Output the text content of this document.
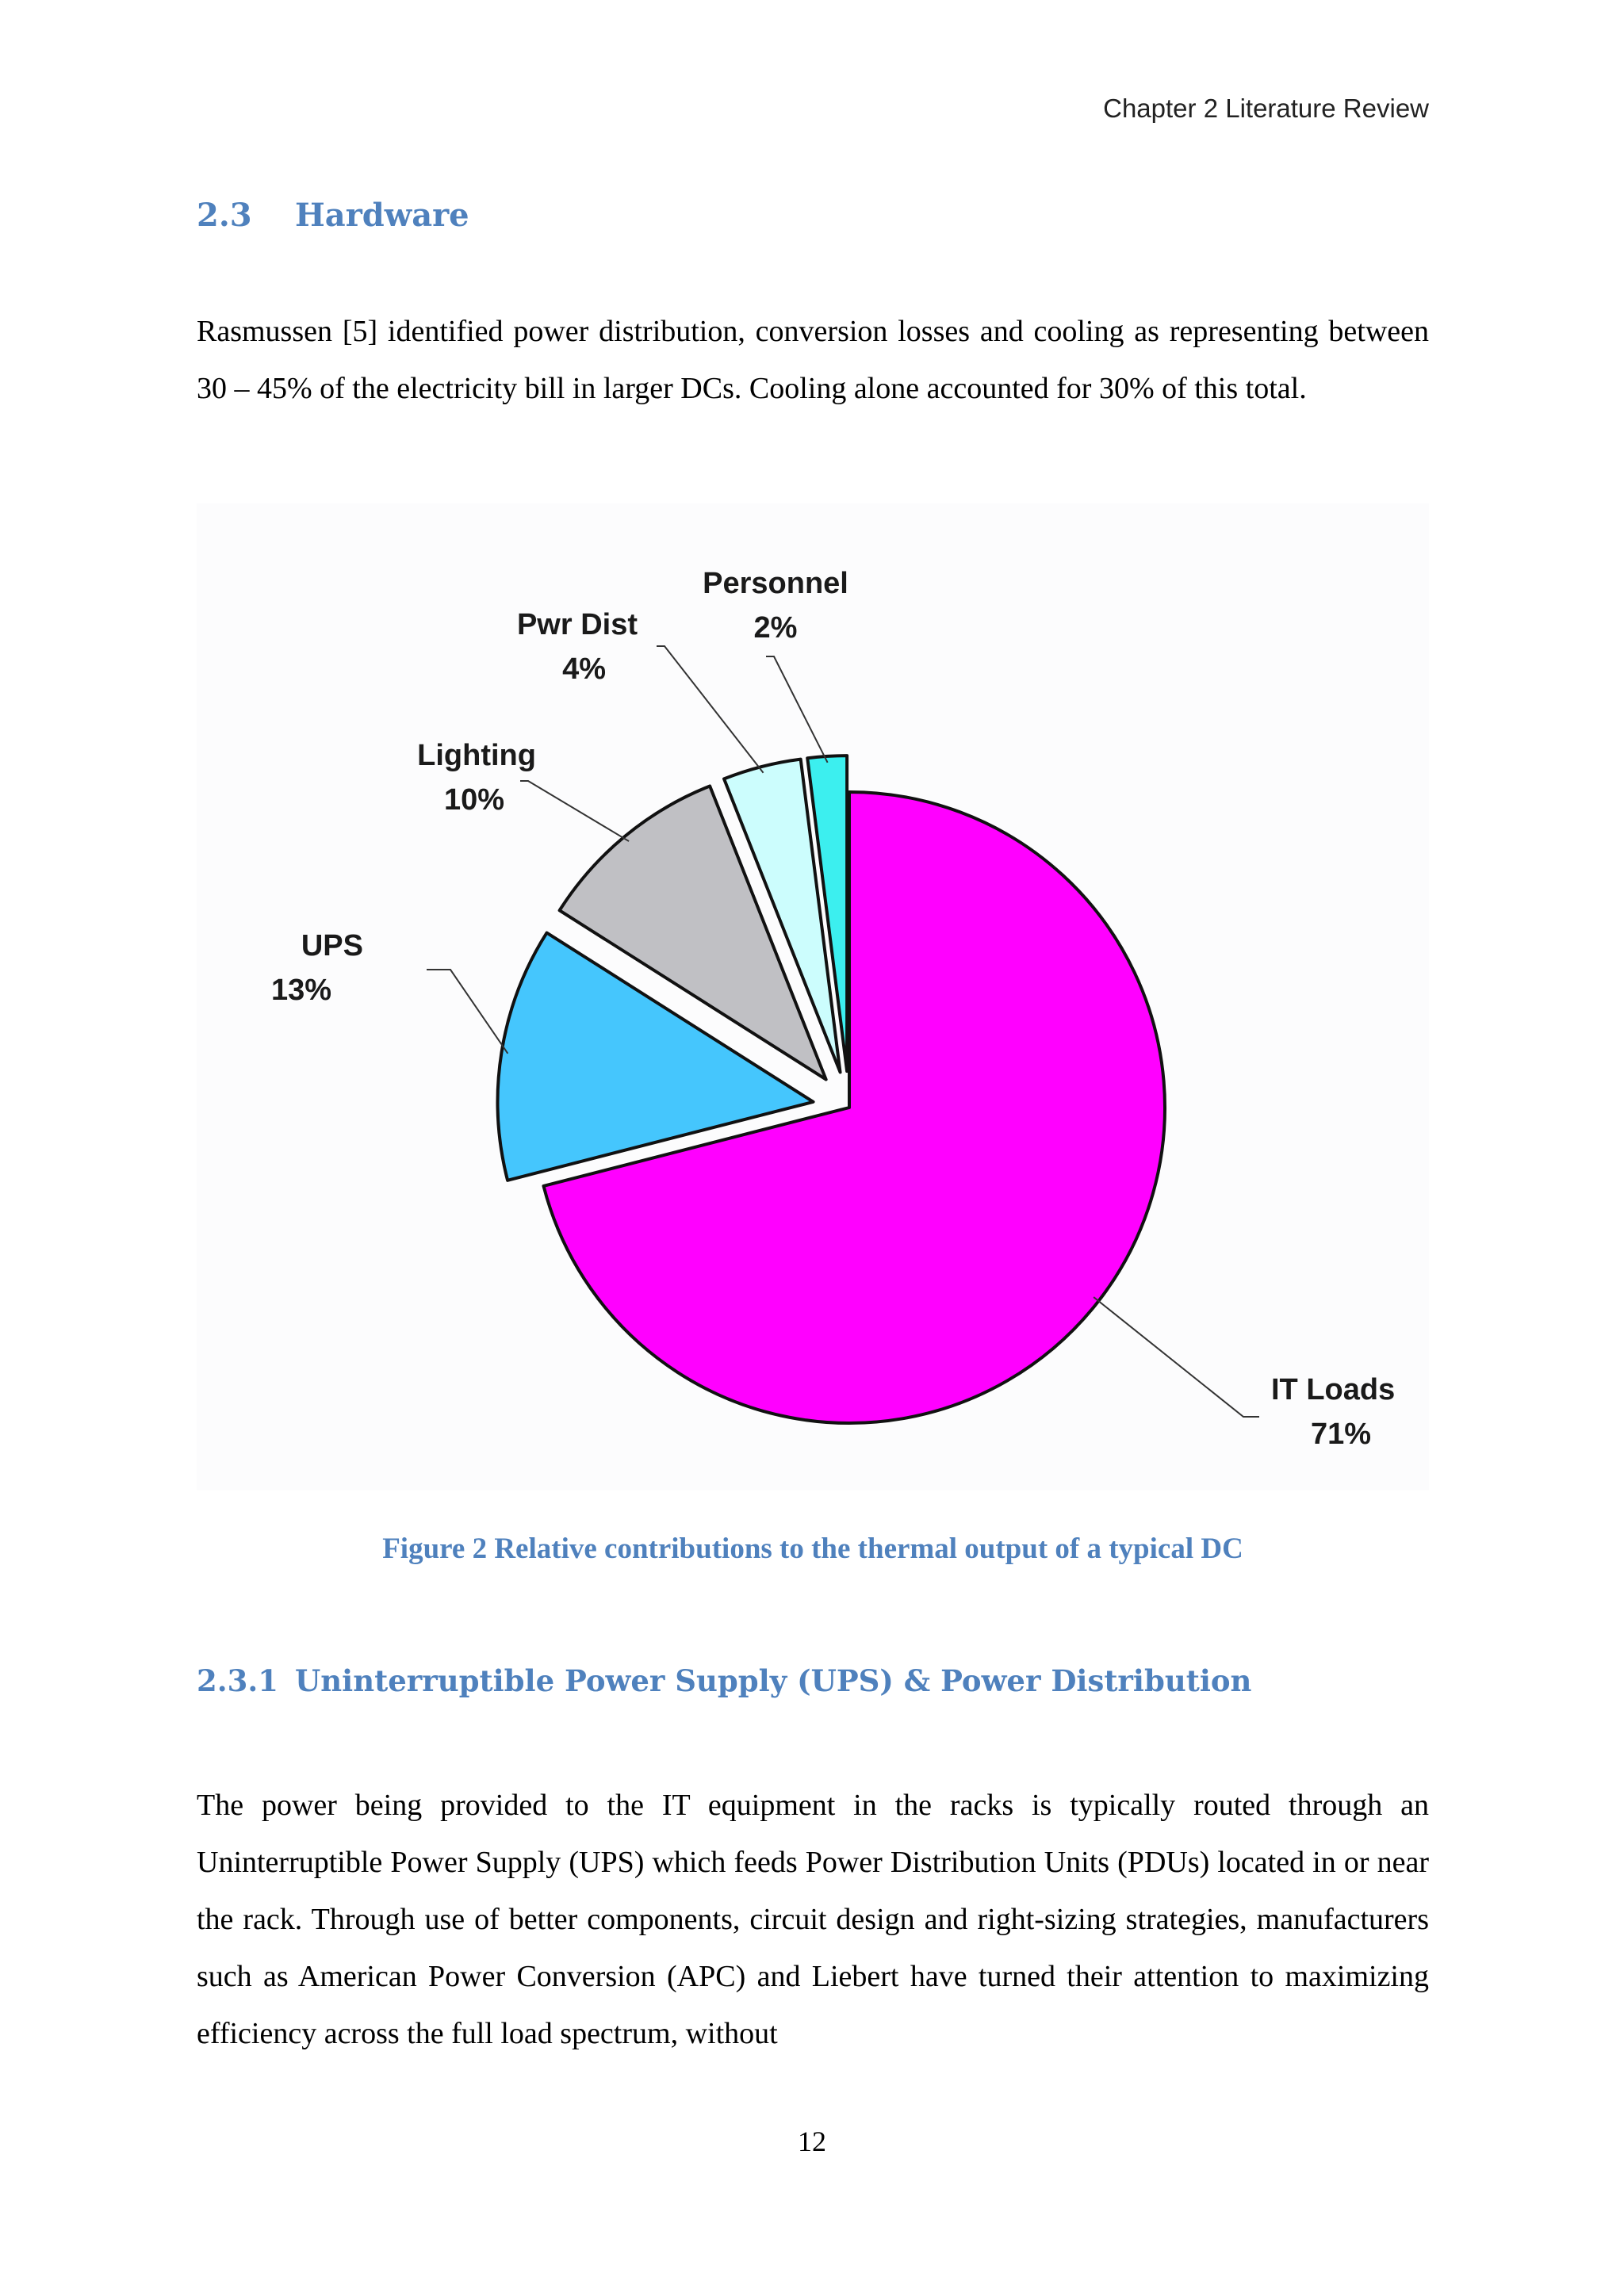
Chapter 2 Literature Review
2.3 Hardware
Rasmussen [5] identified power distribution, conversion losses and cooling as representing between 30 – 45% of the electricity bill in larger DCs. Cooling alone accounted for 30% of this total.
IT Loads
71%
UPS
13%
Lighting
10%
Pwr Dist
4%
Personnel
2%
Figure 2 Relative contributions to the thermal output of a typical DC
2.3.1 Uninterruptible Power Supply (UPS) & Power Distribution
The power being provided to the IT equipment in the racks is typically routed through an Uninterruptible Power Supply (UPS) which feeds Power Distribution Units (PDUs) located in or near the rack. Through use of better components, circuit design and right-sizing strategies, manufacturers such as American Power Conversion (APC) and Liebert have turned their attention to maximizing efficiency across the full load spectrum, without
12
